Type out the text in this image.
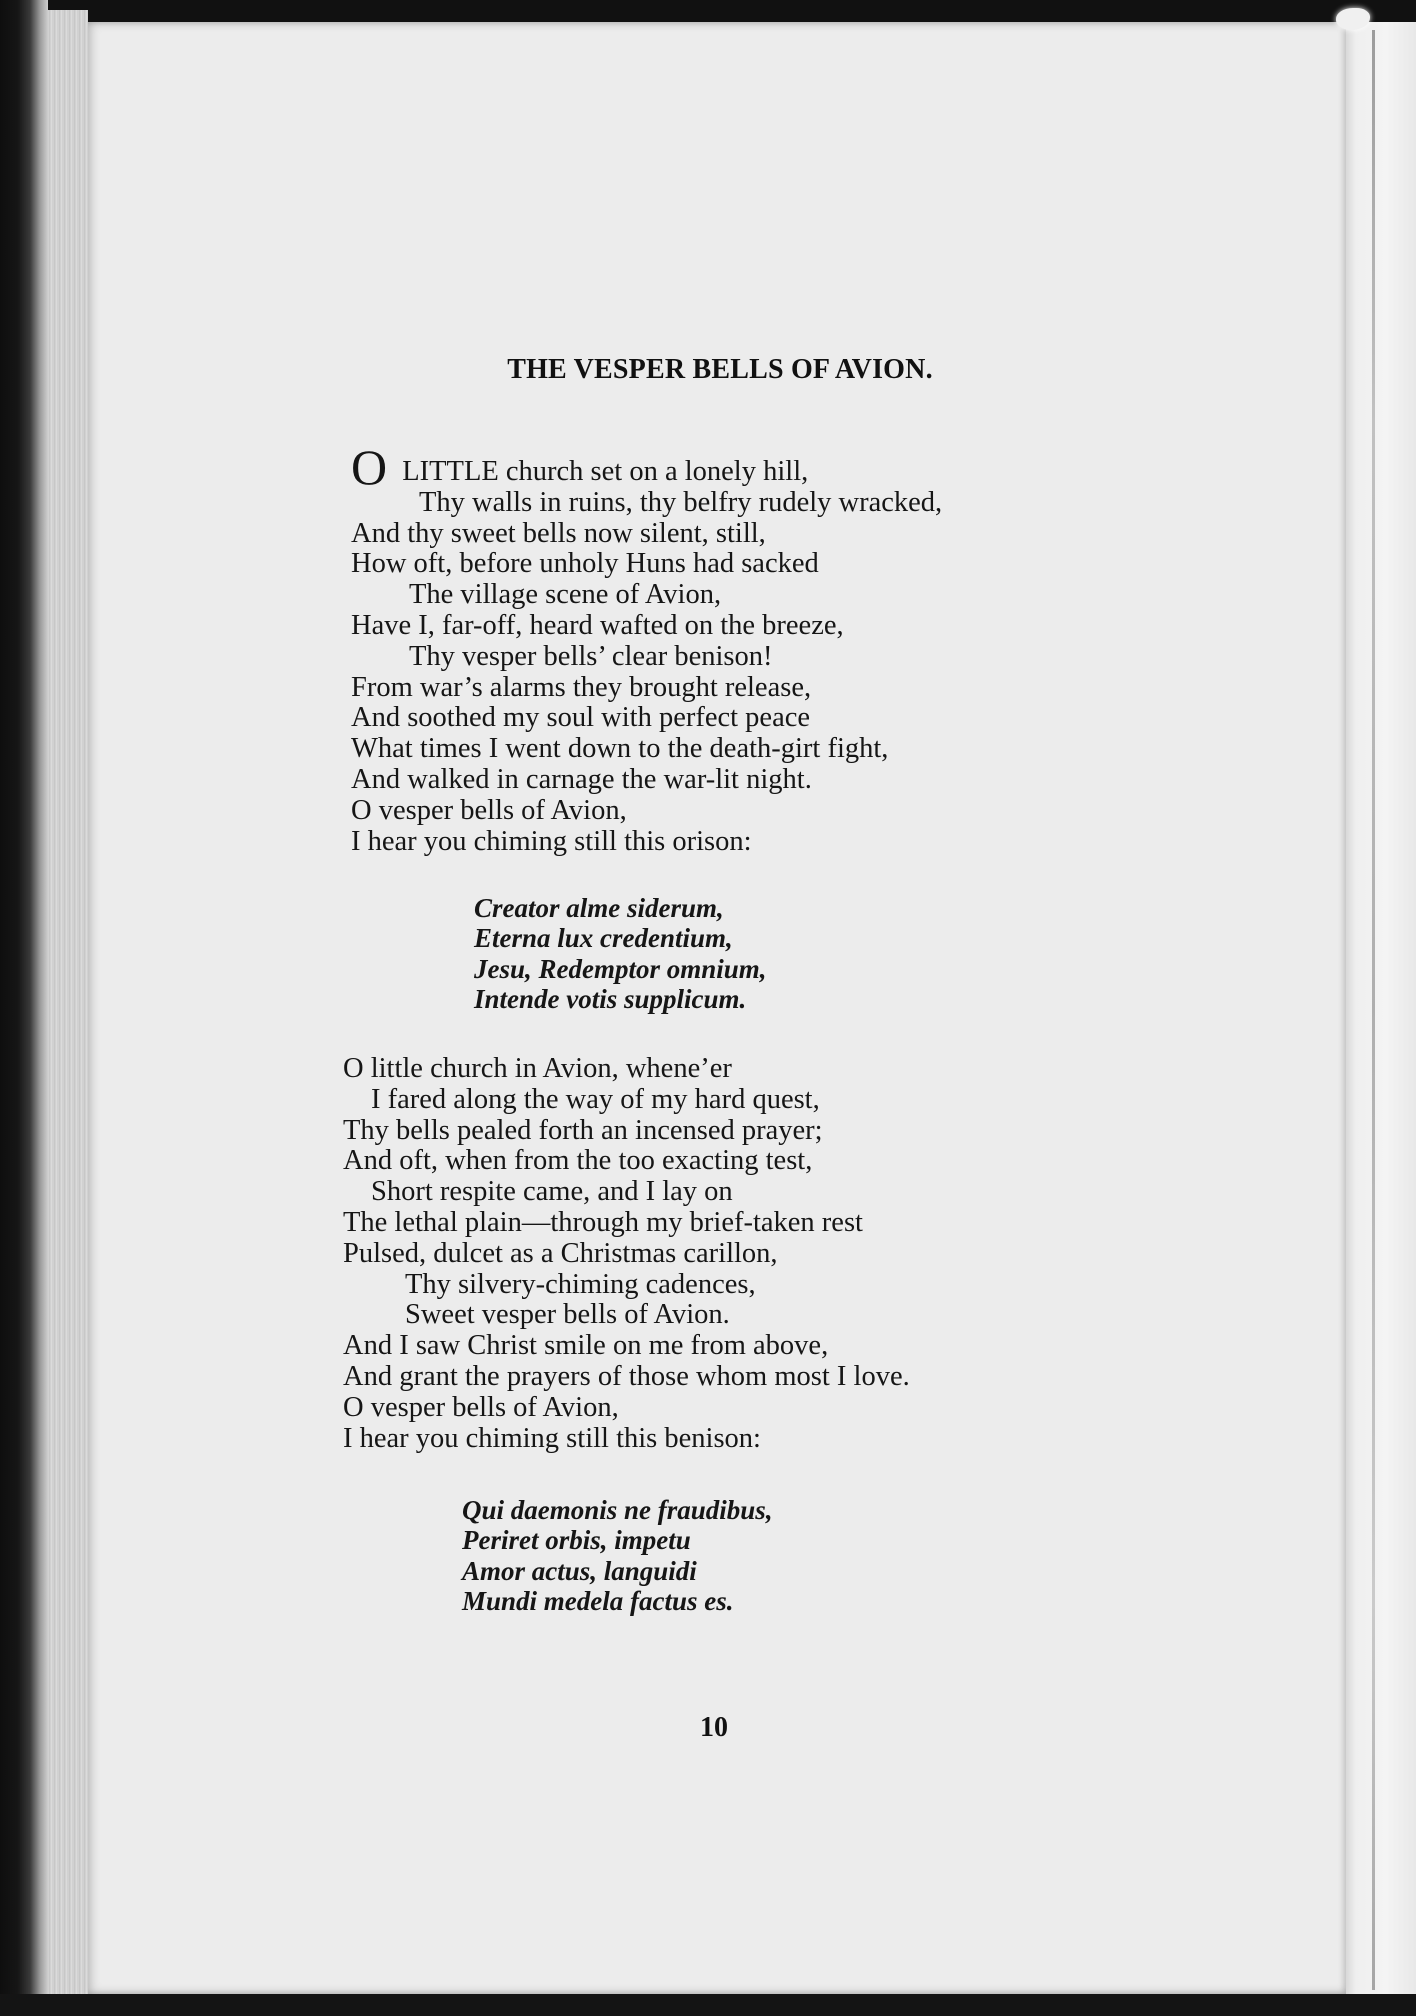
THE VESPER BELLS OF AVION.
O LITTLE church set on a lonely hill,
Thy walls in ruins, thy belfry rudely wracked,
And thy sweet bells now silent, still,
How oft, before unholy Huns had sacked
The village scene of Avion,
Have I, far-off, heard wafted on the breeze,
Thy vesper bells’ clear benison!
From war’s alarms they brought release,
And soothed my soul with perfect peace
What times I went down to the death-girt fight,
And walked in carnage the war-lit night.
O vesper bells of Avion,
I hear you chiming still this orison:
Creator alme siderum,
Eterna lux credentium,
Jesu, Redemptor omnium,
Intende votis supplicum.
O little church in Avion, whene’er
I fared along the way of my hard quest,
Thy bells pealed forth an incensed prayer;
And oft, when from the too exacting test,
Short respite came, and I lay on
The lethal plain—through my brief-taken rest
Pulsed, dulcet as a Christmas carillon,
Thy silvery-chiming cadences,
Sweet vesper bells of Avion.
And I saw Christ smile on me from above,
And grant the prayers of those whom most I love.
O vesper bells of Avion,
I hear you chiming still this benison:
Qui daemonis ne fraudibus,
Periret orbis, impetu
Amor actus, languidi
Mundi medela factus es.

10
